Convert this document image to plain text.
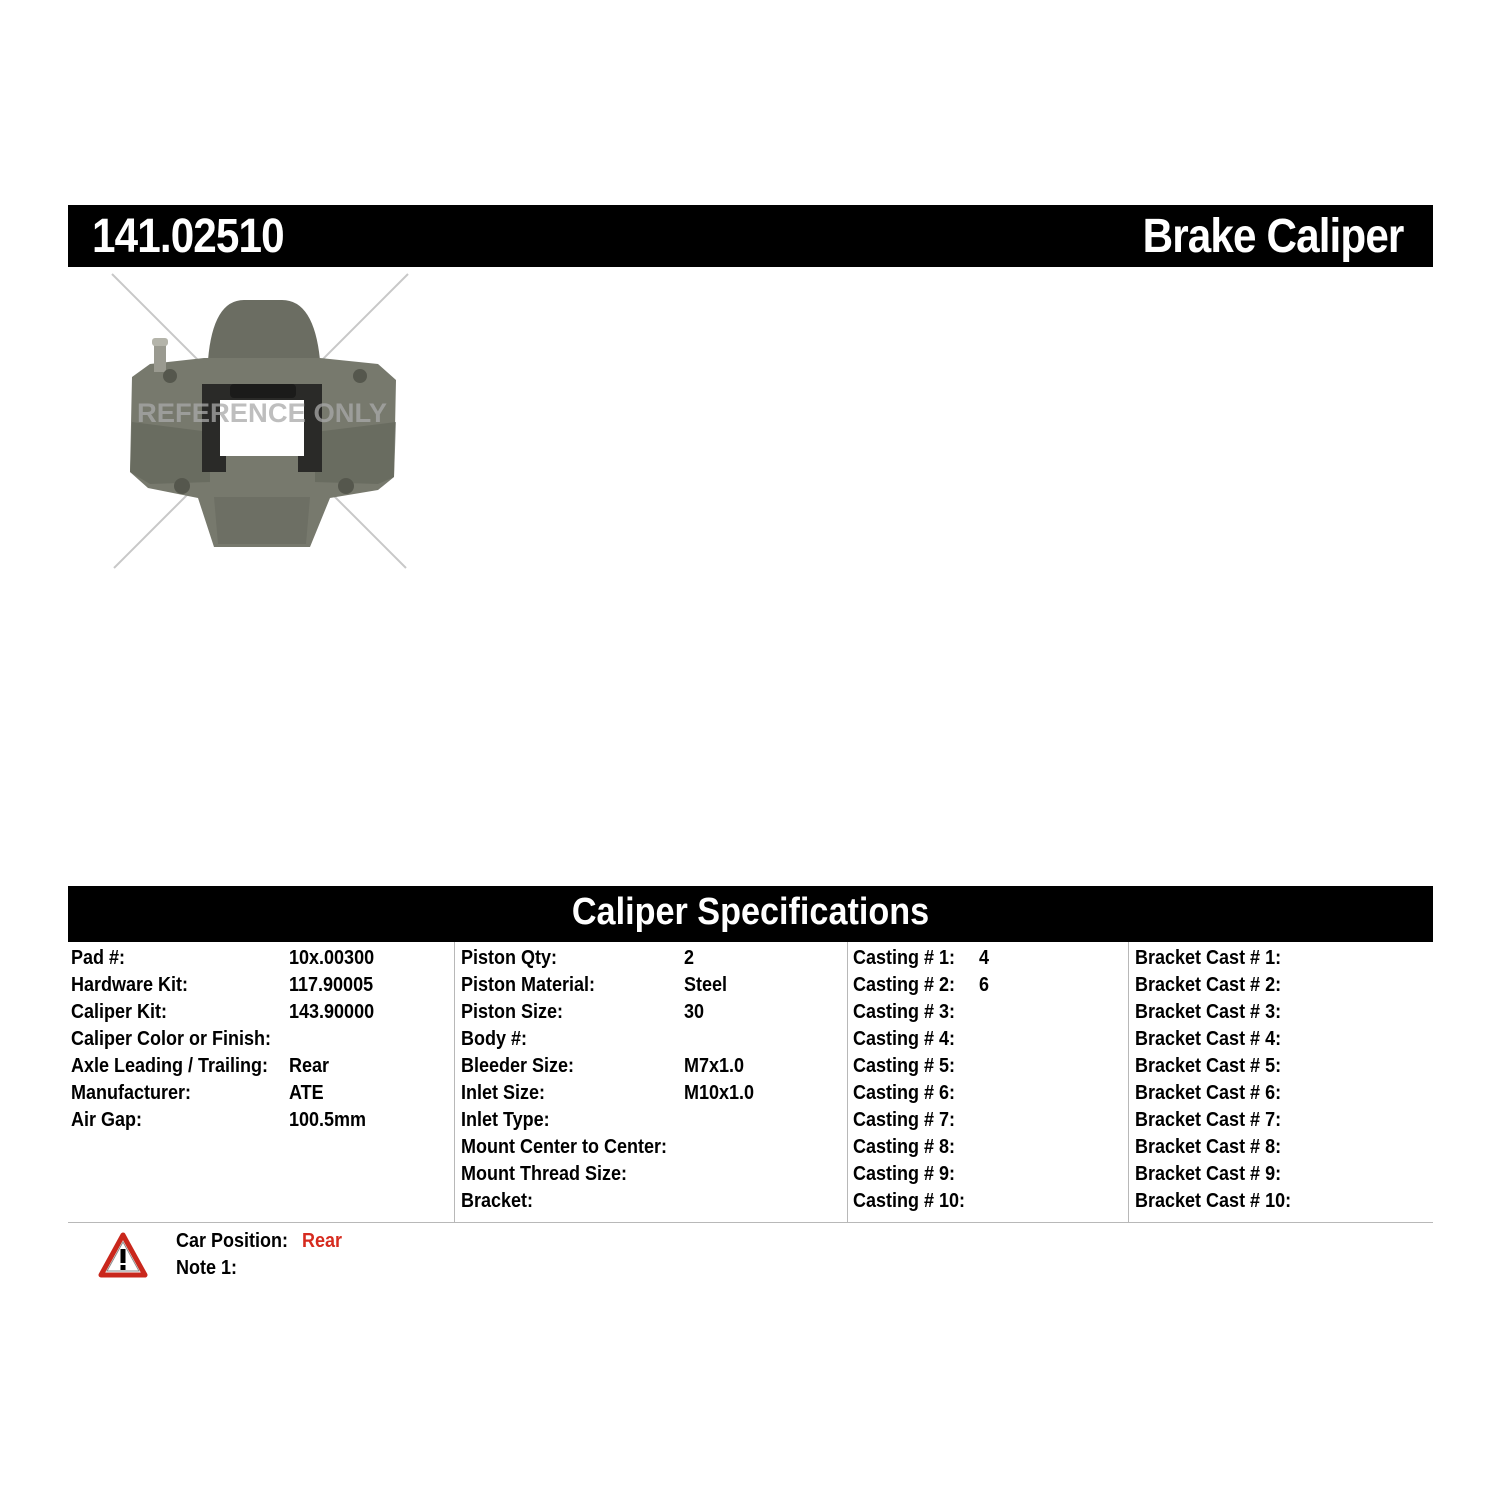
141.02510	Brake Caliper
REFERENCE ONLY
Caliper Specifications
Pad #:	10x.00300
Hardware Kit:	117.90005
Caliper Kit:	143.90000
Caliper Color or Finish:
Axle Leading / Trailing: Rear
Manufacturer:	ATE
Air Gap:	100.5mm
Piston Qty:	2
Piston Material:	Steel
Piston Size:	30
Body #:
Bleeder Size:	M7x1.0
Inlet Size:	M10x1.0
Inlet Type:
Mount Center to Center:
Mount Thread Size:
Bracket:
Casting # 1: 4
Casting # 2: 6
Casting # 3:
Casting # 4:
Casting # 5:
Casting # 6:
Casting # 7:
Casting # 8:
Casting # 9:
Casting # 10:
Bracket Cast # 1:
Bracket Cast # 2:
Bracket Cast # 3:
Bracket Cast # 4:
Bracket Cast # 5:
Bracket Cast # 6:
Bracket Cast # 7:
Bracket Cast # 8:
Bracket Cast # 9:
Bracket Cast # 10:
Car Position: Rear
Note 1:
